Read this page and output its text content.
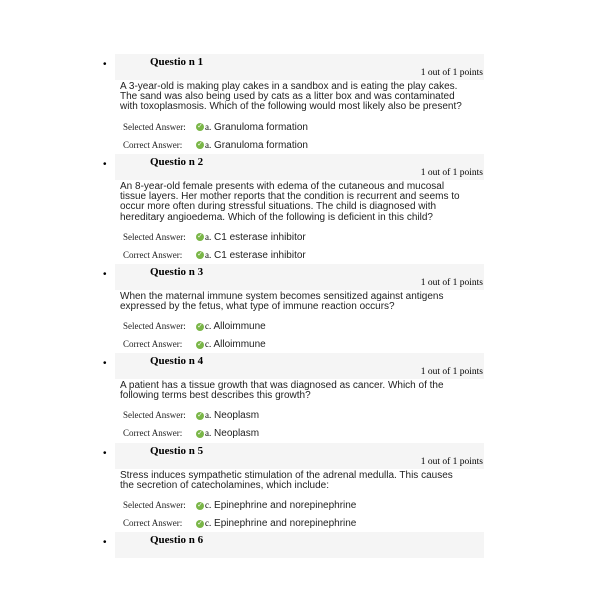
•	Questio n 1
1 out of 1 points
A 3-year-old is making play cakes in a sandbox and is eating the play cakes. The sand was also being used by cats as a litter box and was contaminated with toxoplasmosis. Which of the following would most likely also be present?
Selected Answer: ✓ a. Granuloma formation
Correct Answer: ✓ a. Granuloma formation
•	Questio n 2
1 out of 1 points
An 8-year-old female presents with edema of the cutaneous and mucosal tissue layers. Her mother reports that the condition is recurrent and seems to occur more often during stressful situations. The child is diagnosed with hereditary angioedema. Which of the following is deficient in this child?
Selected Answer: ✓ a. C1 esterase inhibitor
Correct Answer: ✓ a. C1 esterase inhibitor
•	Questio n 3
1 out of 1 points
When the maternal immune system becomes sensitized against antigens expressed by the fetus, what type of immune reaction occurs?
Selected Answer: ✓ c. Alloimmune
Correct Answer: ✓ c. Alloimmune
•	Questio n 4
1 out of 1 points
A patient has a tissue growth that was diagnosed as cancer. Which of the following terms best describes this growth?
Selected Answer: ✓ a. Neoplasm
Correct Answer: ✓ a. Neoplasm
•	Questio n 5
1 out of 1 points
Stress induces sympathetic stimulation of the adrenal medulla. This causes the secretion of catecholamines, which include:
Selected Answer: ✓ c. Epinephrine and norepinephrine
Correct Answer: ✓ c. Epinephrine and norepinephrine
•	Questio n 6
